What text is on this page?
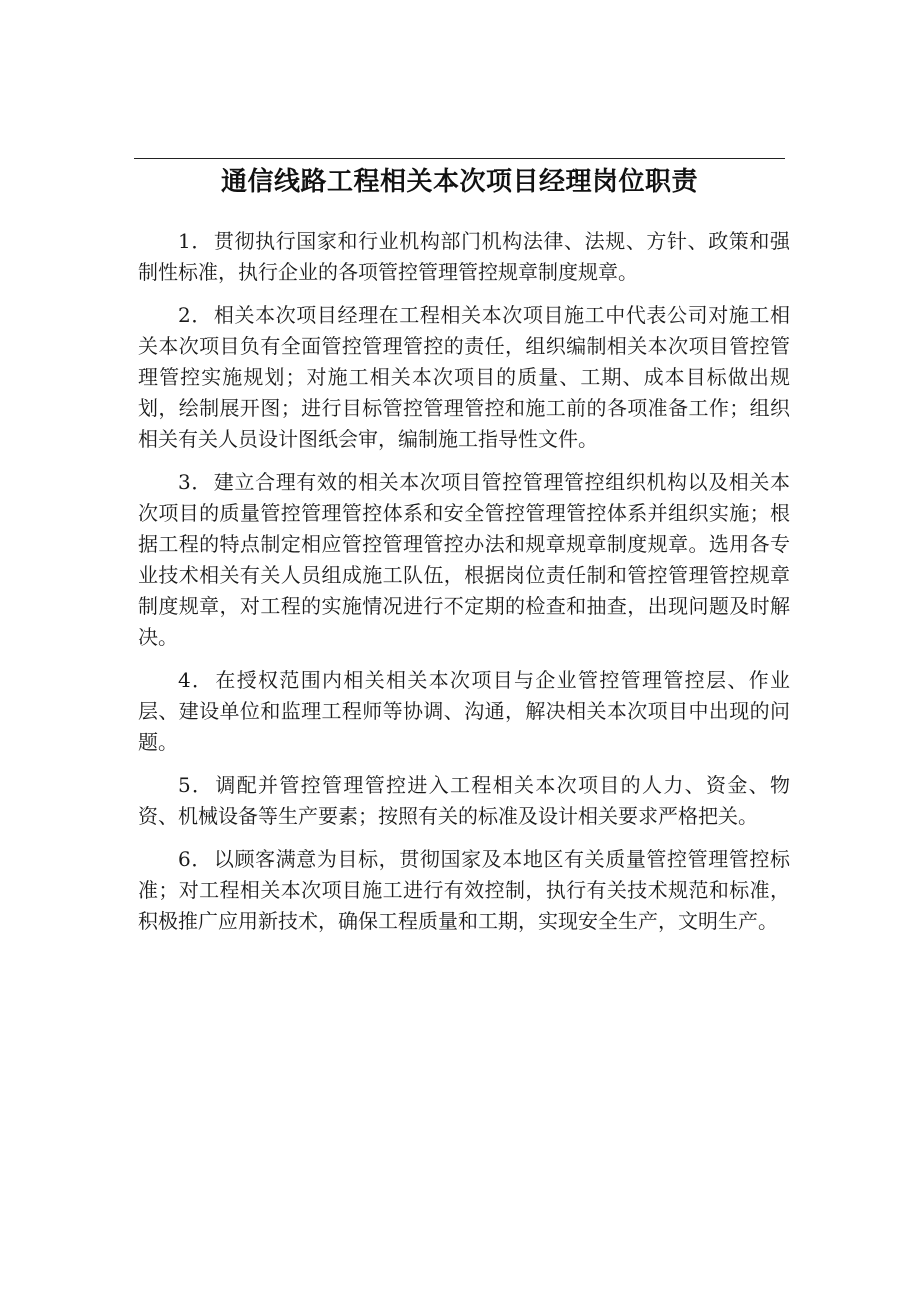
通信线路工程相关本次项目经理岗位职责

1． 贯彻执行国家和行业机构部门机构法律、法规、方针、政策和强制性标准，执行企业的各项管控管理管控规章制度规章。

2． 相关本次项目经理在工程相关本次项目施工中代表公司对施工相关本次项目负有全面管控管理管控的责任，组织编制相关本次项目管控管理管控实施规划；对施工相关本次项目的质量、工期、成本目标做出规划，绘制展开图；进行目标管控管理管控和施工前的各项准备工作；组织相关有关人员设计图纸会审，编制施工指导性文件。

3． 建立合理有效的相关本次项目管控管理管控组织机构以及相关本次项目的质量管控管理管控体系和安全管控管理管控体系并组织实施；根据工程的特点制定相应管控管理管控办法和规章规章制度规章。选用各专业技术相关有关人员组成施工队伍，根据岗位责任制和管控管理管控规章制度规章，对工程的实施情况进行不定期的检查和抽查，出现问题及时解决。

4． 在授权范围内相关相关本次项目与企业管控管理管控层、作业层、建设单位和监理工程师等协调、沟通，解决相关本次项目中出现的问题。

5． 调配并管控管理管控进入工程相关本次项目的人力、资金、物资、机械设备等生产要素；按照有关的标准及设计相关要求严格把关。

6． 以顾客满意为目标，贯彻国家及本地区有关质量管控管理管控标准；对工程相关本次项目施工进行有效控制，执行有关技术规范和标准，积极推广应用新技术，确保工程质量和工期，实现安全生产，文明生产。
